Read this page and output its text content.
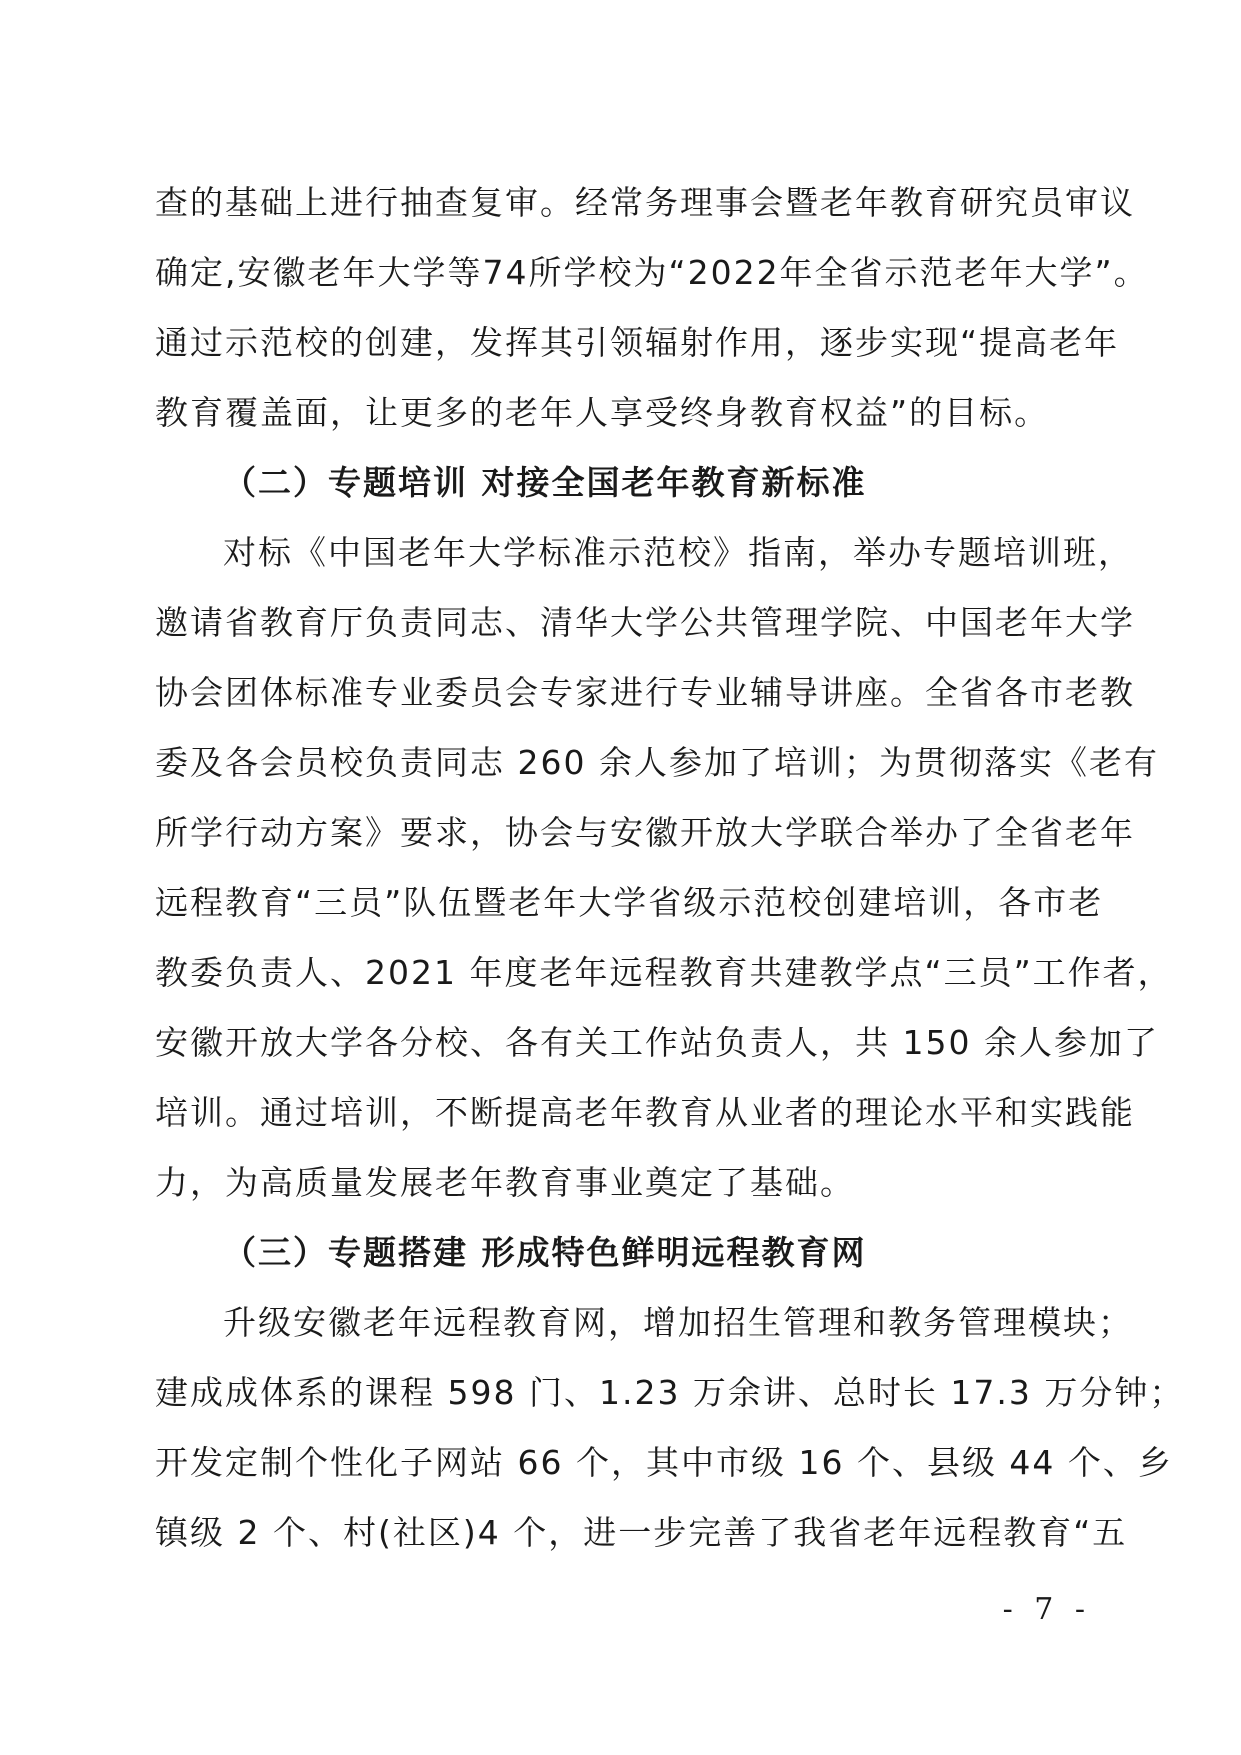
查的基础上进行抽查复审。经常务理事会暨老年教育研究员审议
确定,安徽老年大学等74所学校为“2022年全省示范老年大学”。
通过示范校的创建，发挥其引领辐射作用，逐步实现“提高老年
教育覆盖面，让更多的老年人享受终身教育权益”的目标。
（二）专题培训 对接全国老年教育新标准
对标《中国老年大学标准示范校》指南，举办专题培训班，
邀请省教育厅负责同志、清华大学公共管理学院、中国老年大学
协会团体标准专业委员会专家进行专业辅导讲座。全省各市老教
委及各会员校负责同志 260 余人参加了培训；为贯彻落实《老有
所学行动方案》要求，协会与安徽开放大学联合举办了全省老年
远程教育“三员”队伍暨老年大学省级示范校创建培训，各市老
教委负责人、2021 年度老年远程教育共建教学点“三员”工作者，
安徽开放大学各分校、各有关工作站负责人，共 150 余人参加了
培训。通过培训，不断提高老年教育从业者的理论水平和实践能
力，为高质量发展老年教育事业奠定了基础。
（三）专题搭建 形成特色鲜明远程教育网
升级安徽老年远程教育网，增加招生管理和教务管理模块；
建成成体系的课程 598 门、1.23 万余讲、总时长 17.3 万分钟；
开发定制个性化子网站 66 个，其中市级 16 个、县级 44 个、乡
镇级 2 个、村(社区)4 个，进一步完善了我省老年远程教育“五
- 7 -
